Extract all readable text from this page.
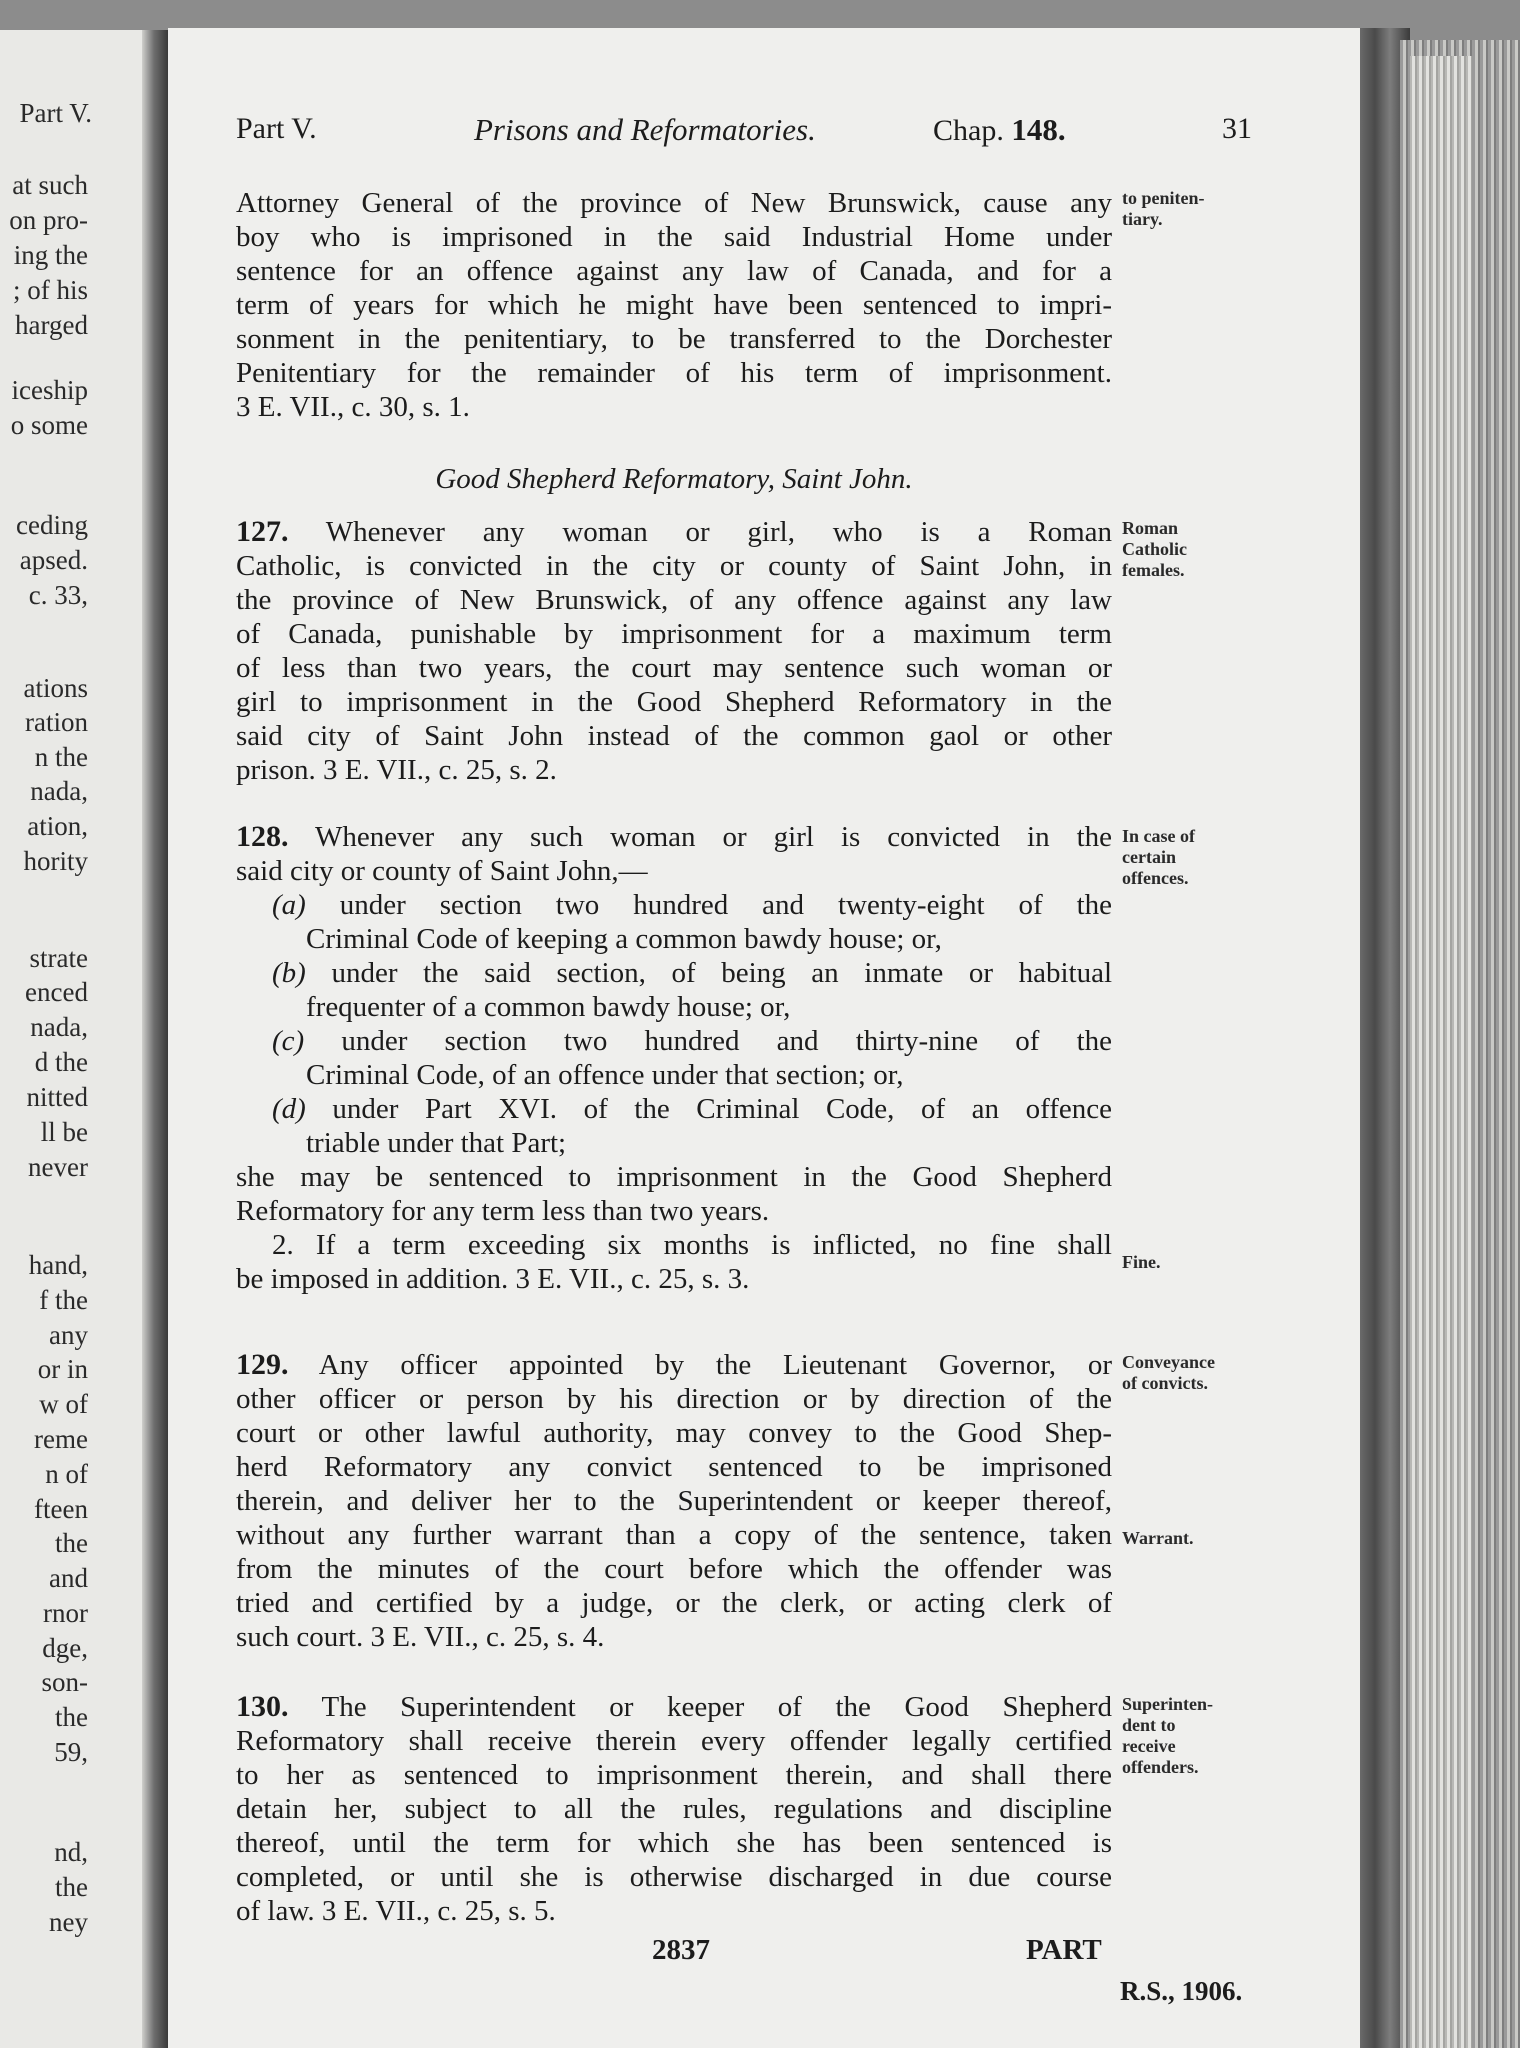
Part V.
at such
on pro-
ing the
; of his
harged
iceship
o some
ceding
apsed.
c. 33,
ations
ration
n the
nada,
ation,
hority
strate
enced
nada,
d the
nitted
ll be
never
hand,
f the
any
or in
w of
reme
n of
fteen
the
and
rnor
dge,
son-
the
59,
nd,
the
ney
Part V.	Prisons and Reformatories.	Chap. 148.	31
Attorney General of the province of New Brunswick, cause any
boy who is imprisoned in the said Industrial Home under
sentence for an offence against any law of Canada, and for a
term of years for which he might have been sentenced to impri-
sonment in the penitentiary, to be transferred to the Dorchester
Penitentiary for the remainder of his term of imprisonment.
3 E. VII., c. 30, s. 1.
to peniten-
tiary.
Good Shepherd Reformatory, Saint John.
127. Whenever any woman or girl, who is a Roman
Catholic, is convicted in the city or county of Saint John, in
the province of New Brunswick, of any offence against any law
of Canada, punishable by imprisonment for a maximum term
of less than two years, the court may sentence such woman or
girl to imprisonment in the Good Shepherd Reformatory in the
said city of Saint John instead of the common gaol or other
prison. 3 E. VII., c. 25, s. 2.
Roman
Catholic
females.
128. Whenever any such woman or girl is convicted in the
said city or county of Saint John,—
(a) under section two hundred and twenty-eight of the
Criminal Code of keeping a common bawdy house; or,
(b) under the said section, of being an inmate or habitual
frequenter of a common bawdy house; or,
(c) under section two hundred and thirty-nine of the
Criminal Code, of an offence under that section; or,
(d) under Part XVI. of the Criminal Code, of an offence
triable under that Part;
she may be sentenced to imprisonment in the Good Shepherd
Reformatory for any term less than two years.
2. If a term exceeding six months is inflicted, no fine shall
be imposed in addition. 3 E. VII., c. 25, s. 3.
In case of
certain
offences.
Fine.
129. Any officer appointed by the Lieutenant Governor, or
other officer or person by his direction or by direction of the
court or other lawful authority, may convey to the Good Shep-
herd Reformatory any convict sentenced to be imprisoned
therein, and deliver her to the Superintendent or keeper thereof,
without any further warrant than a copy of the sentence, taken
from the minutes of the court before which the offender was
tried and certified by a judge, or the clerk, or acting clerk of
such court. 3 E. VII., c. 25, s. 4.
Conveyance
of convicts.
Warrant.
130. The Superintendent or keeper of the Good Shepherd
Reformatory shall receive therein every offender legally certified
to her as sentenced to imprisonment therein, and shall there
detain her, subject to all the rules, regulations and discipline
thereof, until the term for which she has been sentenced is
completed, or until she is otherwise discharged in due course
of law. 3 E. VII., c. 25, s. 5.
Superinten-
dent to
receive
offenders.
2837	PART
R.S., 1906.
